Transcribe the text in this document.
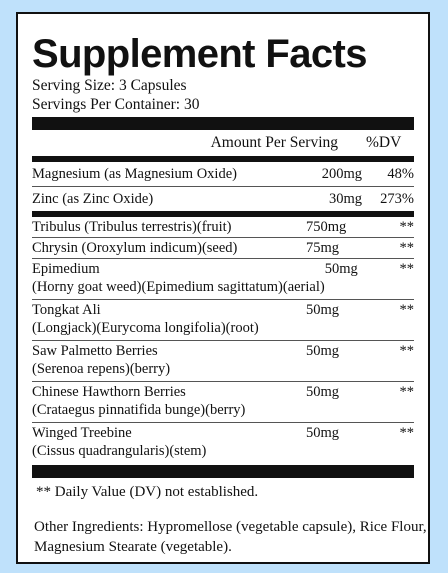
Supplement Facts
Serving Size: 3 Capsules
Servings Per Container: 30
Amount Per Serving	%DV
Magnesium (as Magnesium Oxide)	200mg	48%
Zinc (as Zinc Oxide)	30mg	273%
Tribulus (Tribulus terrestris)(fruit)	750mg	**
Chrysin (Oroxylum indicum)(seed)	75mg	**
Epimedium
(Horny goat weed)(Epimedium sagittatum)(aerial)
50mg	**
Tongkat Ali
(Longjack)(Eurycoma longifolia)(root)
50mg	**
Saw Palmetto Berries
(Serenoa repens)(berry)
50mg	**
Chinese Hawthorn Berries
(Crataegus pinnatifida bunge)(berry)
50mg	**
Winged Treebine
(Cissus quadrangularis)(stem)
50mg	**
** Daily Value (DV) not established.
Other Ingredients: Hypromellose (vegetable capsule), Rice Flour, Magnesium Stearate (vegetable).
